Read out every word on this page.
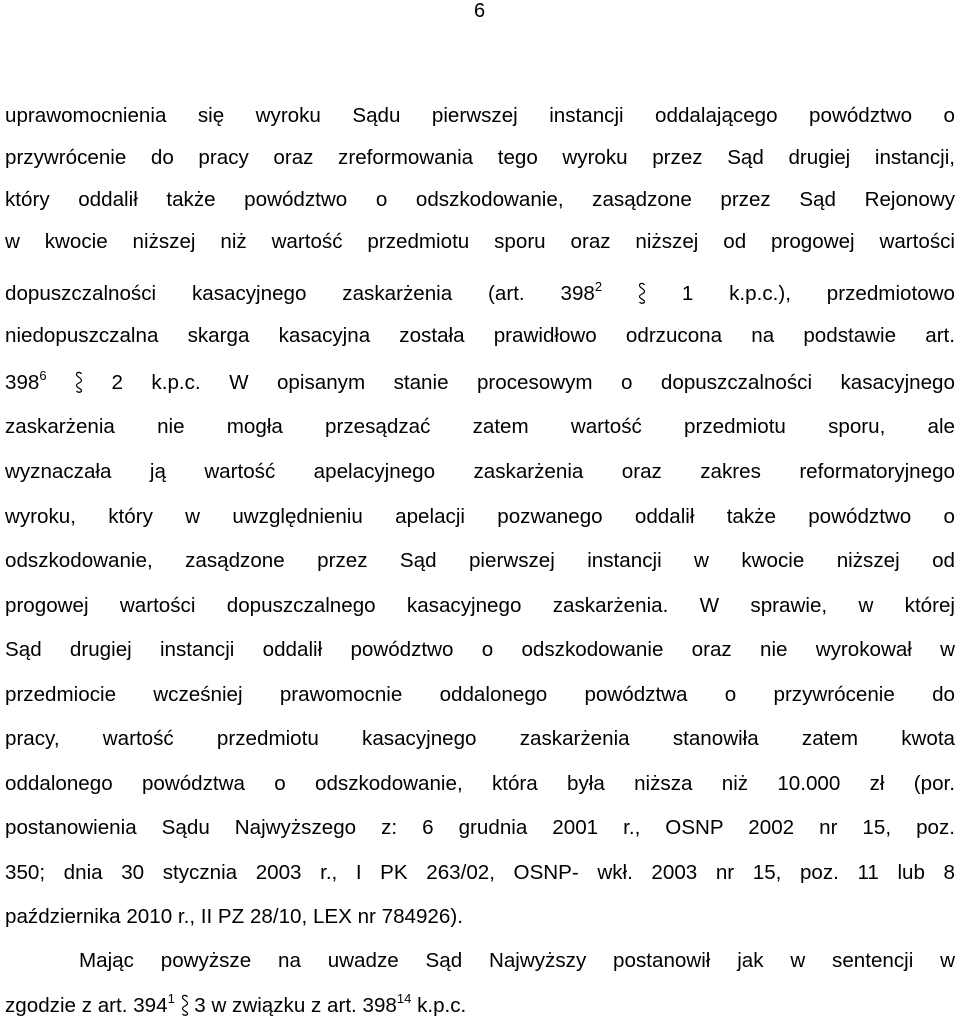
6
uprawomocnienia się wyroku Sądu pierwszej instancji oddalającego powództwo o
przywrócenie do pracy oraz zreformowania tego wyroku przez Sąd drugiej instancji,
który oddalił także powództwo o odszkodowanie, zasądzone przez Sąd Rejonowy
w kwocie niższej niż wartość przedmiotu sporu oraz niższej od progowej wartości
dopuszczalności kasacyjnego zaskarżenia (art. $398^2$	1 k.p.c.), przedmiotowo
niedopuszczalna skarga kasacyjna została prawidłowo odrzucona na podstawie art.
$398^6$	2 k.p.c. W opisanym stanie procesowym o dopuszczalności kasacyjnego
zaskarżenia nie mogła przesądzać zatem wartość przedmiotu sporu, ale
wyznaczała ją wartość apelacyjnego zaskarżenia oraz zakres reformatoryjnego
wyroku, który w uwzględnieniu apelacji pozwanego oddalił także powództwo o
odszkodowanie, zasądzone przez Sąd pierwszej instancji w kwocie niższej od
progowej wartości dopuszczalnego kasacyjnego zaskarżenia. W sprawie, w której
Sąd drugiej instancji oddalił powództwo o odszkodowanie oraz nie wyrokował w
przedmiocie wcześniej prawomocnie oddalonego powództwa o przywrócenie do
pracy, wartość przedmiotu kasacyjnego zaskarżenia stanowiła zatem kwota
oddalonego powództwa o odszkodowanie, która była niższa niż 10.000 zł (por.
postanowienia Sądu Najwyższego z: 6 grudnia 2001 r., OSNP 2002 nr 15, poz.
350; dnia 30 stycznia 2003 r., I PK 263/02, OSNP- wkł. 2003 nr 15, poz. 11 lub 8
października 2010 r., II PZ 28/10, LEX nr 784926).
Mając powyższe na uwadze Sąd Najwyższy postanowił jak w sentencji w
zgodzie z art. $394^1$ 3 w związku z art. $398^{14}$ k.p.c.
